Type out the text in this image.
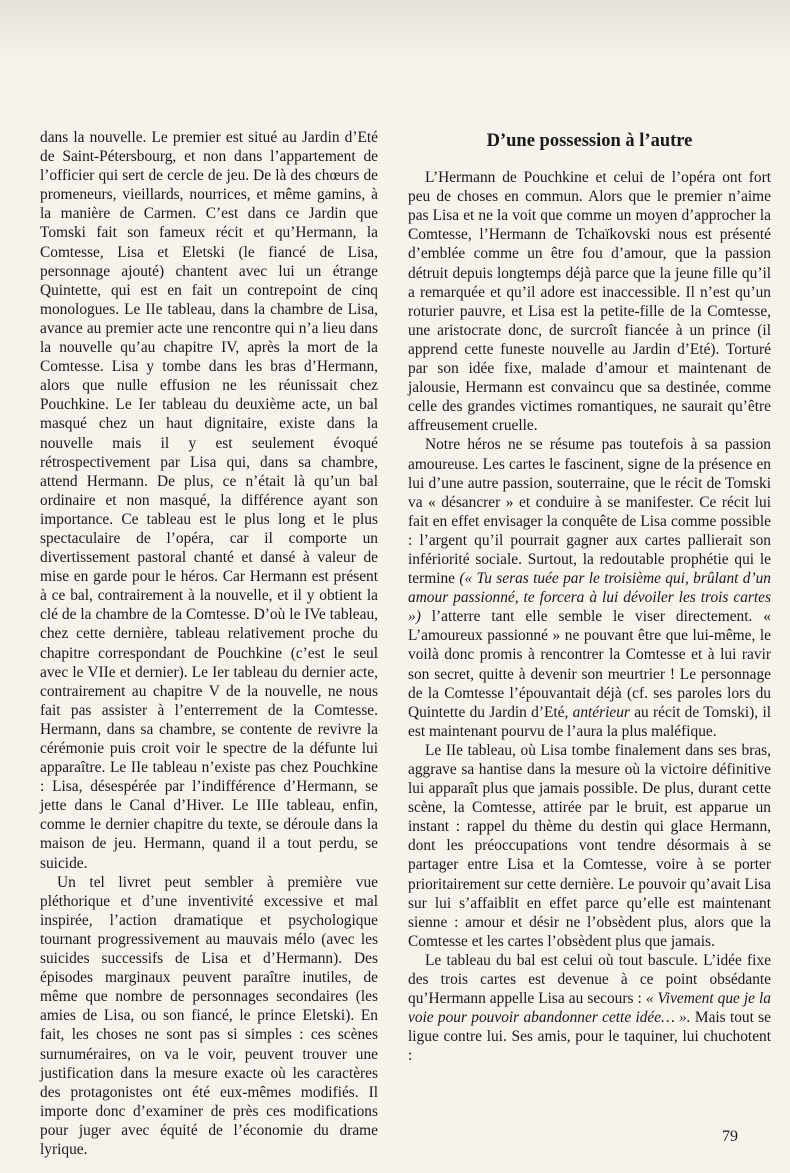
dans la nouvelle. Le premier est situé au Jardin d’Eté de Saint-Pétersbourg, et non dans l’appartement de l’officier qui sert de cercle de jeu. De là des chœurs de promeneurs, vieillards, nourrices, et même gamins, à la manière de Carmen. C’est dans ce Jardin que Tomski fait son fameux récit et qu’Hermann, la Comtesse, Lisa et Eletski (le fiancé de Lisa, personnage ajouté) chantent avec lui un étrange Quintette, qui est en fait un contrepoint de cinq monologues. Le IIe tableau, dans la chambre de Lisa, avance au premier acte une rencontre qui n’a lieu dans la nouvelle qu’au chapitre IV, après la mort de la Comtesse. Lisa y tombe dans les bras d’Hermann, alors que nulle effusion ne les réunissait chez Pouchkine. Le Ier tableau du deuxième acte, un bal masqué chez un haut dignitaire, existe dans la nouvelle mais il y est seulement évoqué rétrospectivement par Lisa qui, dans sa chambre, attend Hermann. De plus, ce n’était là qu’un bal ordinaire et non masqué, la différence ayant son importance. Ce tableau est le plus long et le plus spectaculaire de l’opéra, car il comporte un divertissement pastoral chanté et dansé à valeur de mise en garde pour le héros. Car Hermann est présent à ce bal, contrairement à la nouvelle, et il y obtient la clé de la chambre de la Comtesse. D’où le IVe tableau, chez cette dernière, tableau relativement proche du chapitre correspondant de Pouchkine (c’est le seul avec le VIIe et dernier). Le Ier tableau du dernier acte, contrairement au chapitre V de la nouvelle, ne nous fait pas assister à l’enterrement de la Comtesse. Hermann, dans sa chambre, se contente de revivre la cérémonie puis croit voir le spectre de la défunte lui apparaître. Le IIe tableau n’existe pas chez Pouchkine : Lisa, désespérée par l’indifférence d’Hermann, se jette dans le Canal d’Hiver. Le IIIe tableau, enfin, comme le dernier chapitre du texte, se déroule dans la maison de jeu. Hermann, quand il a tout perdu, se suicide.

Un tel livret peut sembler à première vue pléthorique et d’une inventivité excessive et mal inspirée, l’action dramatique et psychologique tournant progressivement au mauvais mélo (avec les suicides successifs de Lisa et d’Hermann). Des épisodes marginaux peuvent paraître inutiles, de même que nombre de personnages secondaires (les amies de Lisa, ou son fiancé, le prince Eletski). En fait, les choses ne sont pas si simples : ces scènes surnuméraires, on va le voir, peuvent trouver une justification dans la mesure exacte où les caractères des protagonistes ont été eux-mêmes modifiés. Il importe donc d’examiner de près ces modifications pour juger avec équité de l’économie du drame lyrique.

D’une possession à l’autre

L’Hermann de Pouchkine et celui de l’opéra ont fort peu de choses en commun. Alors que le premier n’aime pas Lisa et ne la voit que comme un moyen d’approcher la Comtesse, l’Hermann de Tchaïkovski nous est présenté d’emblée comme un être fou d’amour, que la passion détruit depuis longtemps déjà parce que la jeune fille qu’il a remarquée et qu’il adore est inaccessible. Il n’est qu’un roturier pauvre, et Lisa est la petite-fille de la Comtesse, une aristocrate donc, de surcroît fiancée à un prince (il apprend cette funeste nouvelle au Jardin d’Eté). Torturé par son idée fixe, malade d’amour et maintenant de jalousie, Hermann est convaincu que sa destinée, comme celle des grandes victimes romantiques, ne saurait qu’être affreusement cruelle.

Notre héros ne se résume pas toutefois à sa passion amoureuse. Les cartes le fascinent, signe de la présence en lui d’une autre passion, souterraine, que le récit de Tomski va « désancrer » et conduire à se manifester. Ce récit lui fait en effet envisager la conquête de Lisa comme possible : l’argent qu’il pourrait gagner aux cartes pallierait son infériorité sociale. Surtout, la redoutable prophétie qui le termine (« Tu seras tuée par le troisième qui, brûlant d’un amour passionné, te forcera à lui dévoiler les trois cartes ») l’atterre tant elle semble le viser directement. « L’amoureux passionné » ne pouvant être que lui-même, le voilà donc promis à rencontrer la Comtesse et à lui ravir son secret, quitte à devenir son meurtrier ! Le personnage de la Comtesse l’épouvantait déjà (cf. ses paroles lors du Quintette du Jardin d’Eté, antérieur au récit de Tomski), il est maintenant pourvu de l’aura la plus maléfique.

Le IIe tableau, où Lisa tombe finalement dans ses bras, aggrave sa hantise dans la mesure où la victoire définitive lui apparaît plus que jamais possible. De plus, durant cette scène, la Comtesse, attirée par le bruit, est apparue un instant : rappel du thème du destin qui glace Hermann, dont les préoccupations vont tendre désormais à se partager entre Lisa et la Comtesse, voire à se porter prioritairement sur cette dernière. Le pouvoir qu’avait Lisa sur lui s’affaiblit en effet parce qu’elle est maintenant sienne : amour et désir ne l’obsèdent plus, alors que la Comtesse et les cartes l’obsèdent plus que jamais.

Le tableau du bal est celui où tout bascule. L’idée fixe des trois cartes est devenue à ce point obsédante qu’Hermann appelle Lisa au secours : « Vivement que je la voie pour pouvoir abandonner cette idée… ». Mais tout se ligue contre lui. Ses amis, pour le taquiner, lui chuchotent :

79
